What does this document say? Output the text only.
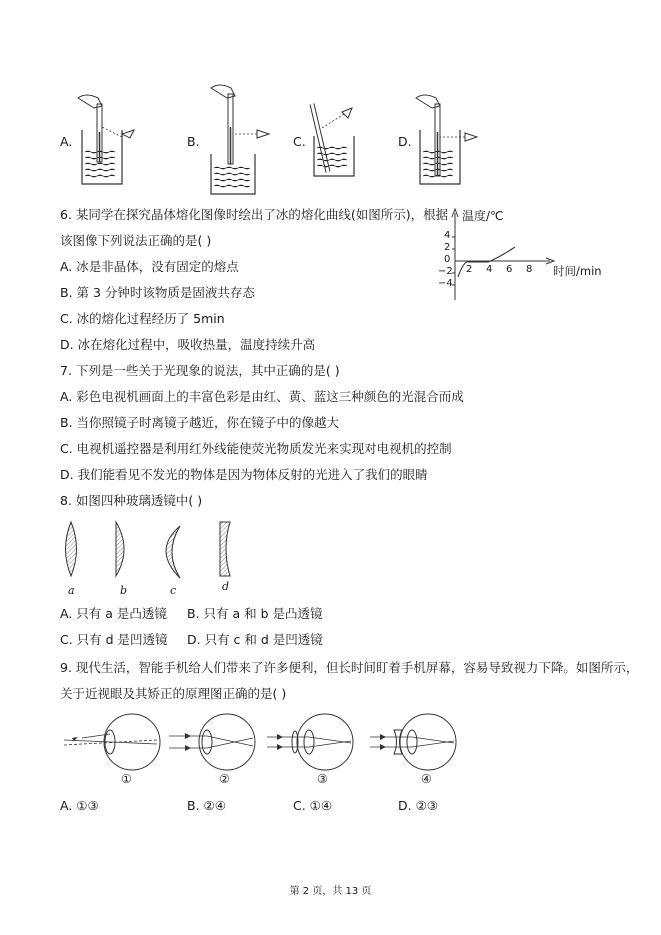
A.	B.	C.	D.
6. 某同学在探究晶体熔化图像时绘出了冰的熔化曲线(如图所示)，根据
该图像下列说法正确的是( )
A. 冰是非晶体，没有固定的熔点
B. 第 3 分钟时该物质是固液共存态
C. 冰的熔化过程经历了 5min
D. 冰在熔化过程中，吸收热量，温度持续升高
温度/℃
时间/min
4
2
0
−2
−4
2 4 6 8
7. 下列是一些关于光现象的说法，其中正确的是( )
A. 彩色电视机画面上的丰富色彩是由红、黄、蓝这三种颜色的光混合而成
B. 当你照镜子时离镜子越近，你在镜子中的像越大
C. 电视机遥控器是利用红外线能使荧光物质发光来实现对电视机的控制
D. 我们能看见不发光的物体是因为物体反射的光进入了我们的眼睛
8. 如图四种玻璃透镜中( )
a	b	c	d
A. 只有 a 是凸透镜 B. 只有 a 和 b 是凸透镜
C. 只有 d 是凹透镜 D. 只有 c 和 d 是凹透镜
9. 现代生活，智能手机给人们带来了许多便利，但长时间盯着手机屏幕，容易导致视力下降。如图所示，
关于近视眼及其矫正的原理图正确的是( )
①	②	③	④
A. ①③	B. ②④	C. ①④	D. ②③
第 2 页，共 13 页
